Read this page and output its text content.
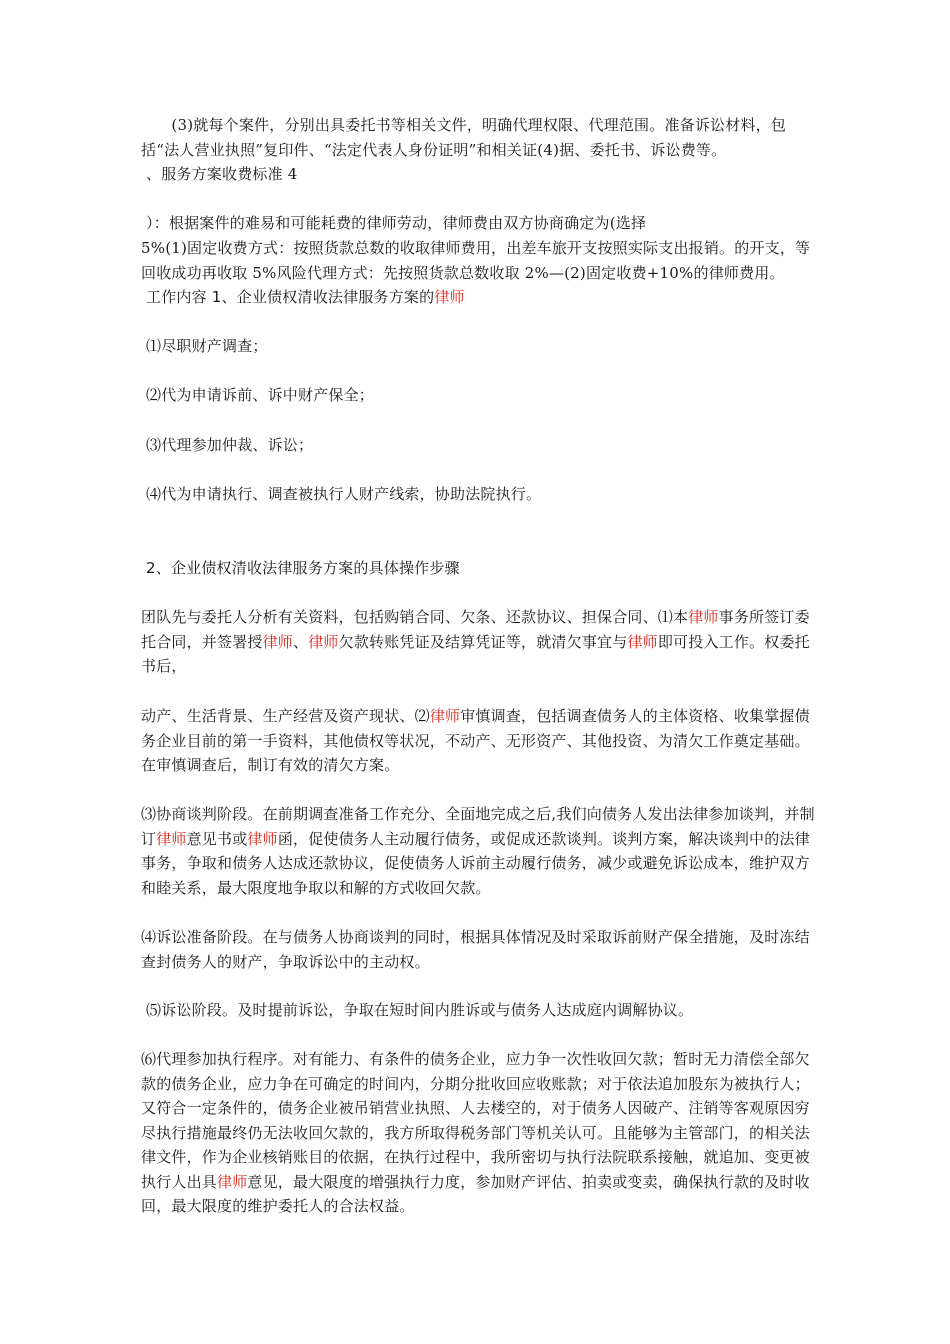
　　(3)就每个案件，分别出具委托书等相关文件，明确代理权限、代理范围。准备诉讼材料，包括“法人营业执照”复印件、“法定代表人身份证明”和相关证(4)据、委托书、诉讼费等。

、服务方案收费标准 4

）：根据案件的难易和可能耗费的律师劳动，律师费由双方协商确定为(选择

5%(1)固定收费方式：按照货款总数的收取律师费用，出差车旅开支按照实际支出报销。的开支，等回收成功再收取 5%风险代理方式：先按照货款总数收取 2%—(2)固定收费+10%的律师费用。

工作内容 1、企业债权清收法律服务方案的律师

⑴尽职财产调查；

⑵代为申请诉前、诉中财产保全；

⑶代理参加仲裁、诉讼；

⑷代为申请执行、调查被执行人财产线索，协助法院执行。

2、企业债权清收法律服务方案的具体操作步骤

团队先与委托人分析有关资料，包括购销合同、欠条、还款协议、担保合同、⑴本律师事务所签订委托合同，并签署授律师、律师欠款转账凭证及结算凭证等，就清欠事宜与律师即可投入工作。权委托书后，

动产、生活背景、生产经营及资产现状、⑵律师审慎调查，包括调查债务人的主体资格、收集掌握债务企业目前的第一手资料，其他债权等状况，不动产、无形资产、其他投资、为清欠工作奠定基础。在审慎调查后，制订有效的清欠方案。

⑶协商谈判阶段。在前期调查准备工作充分、全面地完成之后,我们向债务人发出法律参加谈判，并制订律师意见书或律师函，促使债务人主动履行债务，或促成还款谈判。谈判方案，解决谈判中的法律事务，争取和债务人达成还款协议，促使债务人诉前主动履行债务，减少或避免诉讼成本，维护双方和睦关系，最大限度地争取以和解的方式收回欠款。

⑷诉讼准备阶段。在与债务人协商谈判的同时，根据具体情况及时采取诉前财产保全措施，及时冻结查封债务人的财产，争取诉讼中的主动权。

⑸诉讼阶段。及时提前诉讼，争取在短时间内胜诉或与债务人达成庭内调解协议。

⑹代理参加执行程序。对有能力、有条件的债务企业，应力争一次性收回欠款；暂时无力清偿全部欠款的债务企业，应力争在可确定的时间内，分期分批收回应收账款；对于依法追加股东为被执行人；又符合一定条件的，债务企业被吊销营业执照、人去楼空的，对于债务人因破产、注销等客观原因穷尽执行措施最终仍无法收回欠款的，我方所取得税务部门等机关认可。且能够为主管部门，的相关法律文件，作为企业核销账目的依据，在执行过程中，我所密切与执行法院联系接触，就追加、变更被执行人出具律师意见，最大限度的增强执行力度，参加财产评估、拍卖或变卖，确保执行款的及时收回，最大限度的维护委托人的合法权益。
